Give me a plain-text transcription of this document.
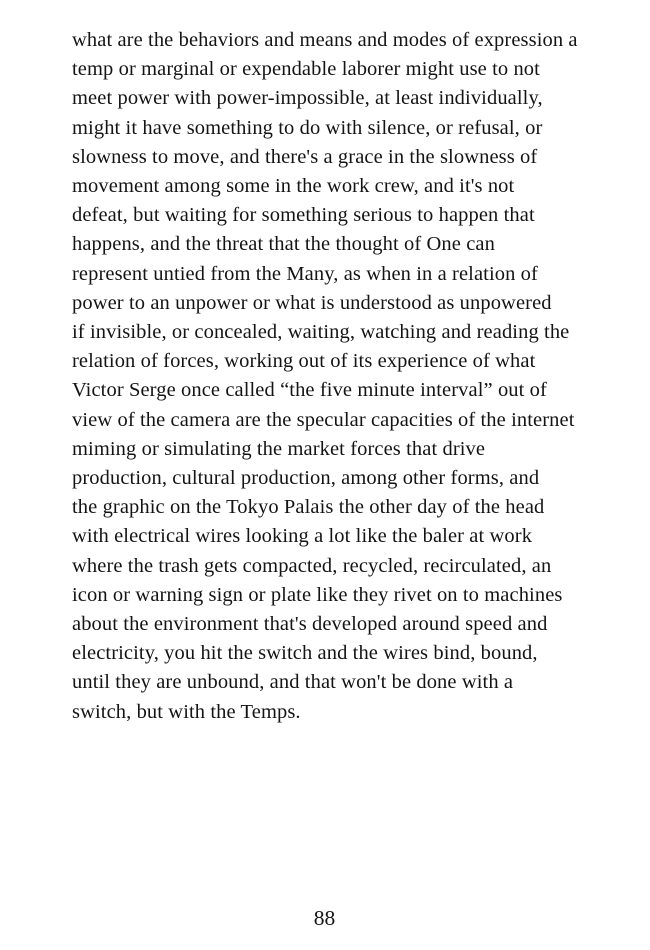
what are the behaviors and means and modes of expression a
temp or marginal or expendable laborer might use to not
meet power with power-impossible, at least individually,
might it have something to do with silence, or refusal, or
slowness to move, and there's a grace in the slowness of
movement among some in the work crew, and it's not
defeat, but waiting for something serious to happen that
happens, and the threat that the thought of One can
represent untied from the Many, as when in a relation of
power to an unpower or what is understood as unpowered
if invisible, or concealed, waiting, watching and reading the
relation of forces, working out of its experience of what
Victor Serge once called “the five minute interval” out of
view of the camera are the specular capacities of the internet
miming or simulating the market forces that drive
production, cultural production, among other forms, and
the graphic on the Tokyo Palais the other day of the head
with electrical wires looking a lot like the baler at work
where the trash gets compacted, recycled, recirculated, an
icon or warning sign or plate like they rivet on to machines
about the environment that's developed around speed and
electricity, you hit the switch and the wires bind, bound,
until they are unbound, and that won't be done with a
switch, but with the Temps.
88
